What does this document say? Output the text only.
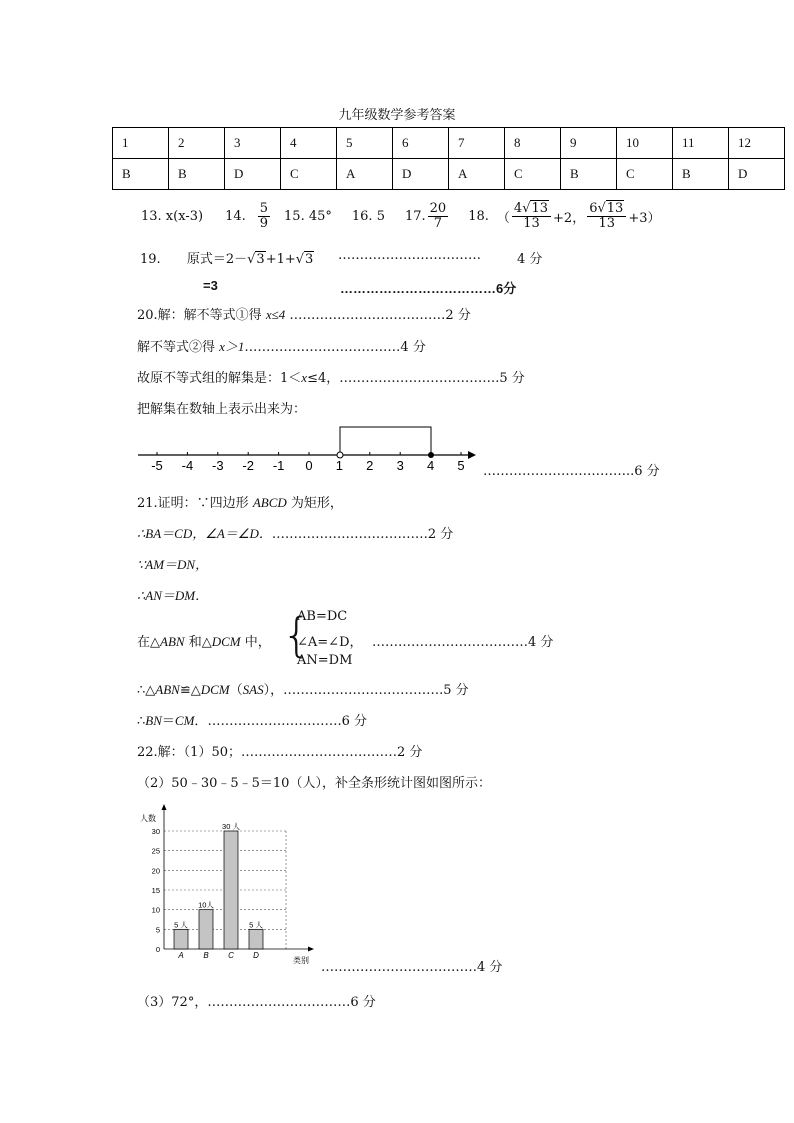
九年级数学参考答案
1	2	3	4	5	6	7	8	9	10	11	12
B	B	D	C	A	D	A	C	B	C	B	D
13. x(x-3) 14. $\frac{5}{9} 15$. 45° 16. 5 17. $\frac{20}{7} 18$. （ $\frac{4√13}{13} +2$， $\frac{6√13}{13} +3$）
19. 原式＝2－√3+1+√3 ……………………………	4 分
=3	………………………………6分
20.解：解不等式①得 x≤4 ………………………………2 分
解不等式②得 x＞1………………………………4 分
故原不等式组的解集是：1＜x≤4，……………………………….5 分
把解集在数轴上表示出来为：
-5 -4 -3 -2 -1 0 1 2 3 4 5 ……………………………..6 分
21.证明：∵四边形 ABCD 为矩形，
∴BA＝CD，∠A＝∠D．………………………………2 分
∵AM＝DN，
∴AN＝DM．
在△ABN 和△DCM 中， {
AB=DC
∠A=∠D，
AN=DM
………………………………4 分
∴△ABN≌△DCM（SAS），……………………………….5 分
∴BN＝CM．………………………….6 分
22.解：（1）50；………………………………2 分
（2）50﹣30﹣5﹣5＝10（人），补全条形统计图如图所示：
0
5
10
15
20
25
30
人数
类别
5 人
A
10人
B
30 人
C
5 人
D
………………………………4 分
（3）72°，……………………………6 分
